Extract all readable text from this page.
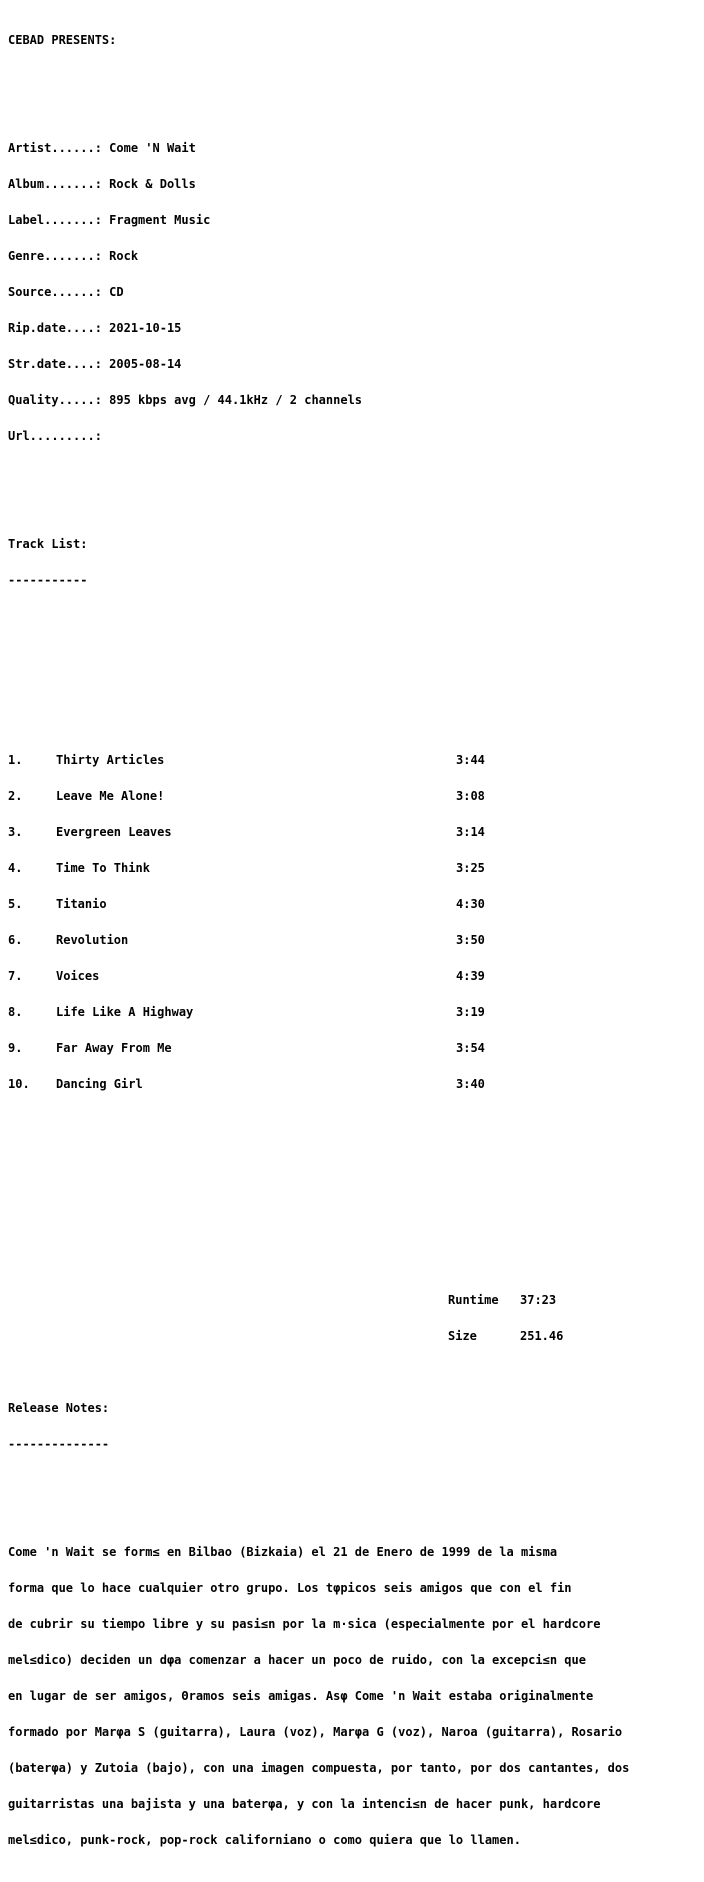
CEBAD PRESENTS:

Artist......:
Come 'N Wait

Album.......:
Rock & Dolls

Label.......:
Fragment Music

Genre.......:
Rock

Source......:
CD

Rip.date....:
2021-10-15

Str.date....:
2005-08-14

Quality.....:
895 kbps avg / 44.1kHz / 2 channels

Url.........:

Track List:

-----------

1.	Thirty Articles	3:44

2.	Leave Me Alone!	3:08

3.	Evergreen Leaves	3:14

4.	Time To Think	3:25

5.	Titanio	4:30

6.	Revolution	3:50

7.	Voices	4:39

8.	Life Like A Highway	3:19

9.	Far Away From Me	3:54

10.	Dancing Girl	3:40

Runtime	37:23

Size	251.46

Release Notes:

--------------

Come 'n Wait se form≤ en Bilbao (Bizkaia) el 21 de Enero de 1999 de la misma

forma que lo hace cualquier otro grupo. Los tφpicos seis amigos que con el fin

de cubrir su tiempo libre y su pasi≤n por la m·sica (especialmente por el hardcore

mel≤dico) deciden un dφa comenzar a hacer un poco de ruido, con la excepci≤n que

en lugar de ser amigos, Θramos seis amigas. Asφ Come 'n Wait estaba originalmente

formado por Marφa S (guitarra), Laura (voz), Marφa G (voz), Naroa (guitarra), Rosario

(baterφa) y Zutoia (bajo), con una imagen compuesta, por tanto, por dos cantantes, dos

guitarristas una bajista y una baterφa, y con la intenci≤n de hacer punk, hardcore

mel≤dico, punk-rock, pop-rock californiano o como quiera que lo llamen.
